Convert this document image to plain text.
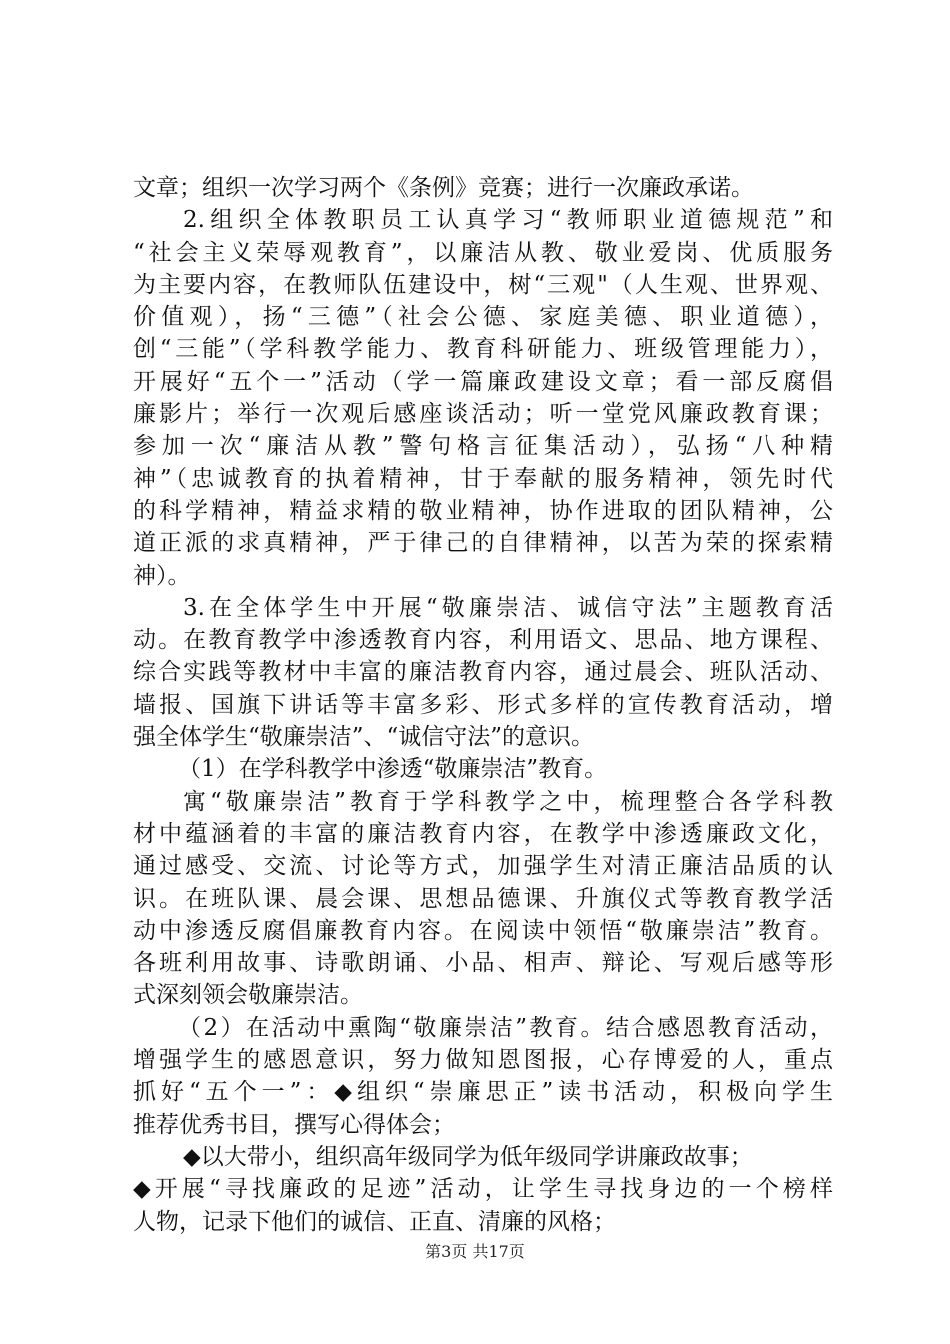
文章；组织一次学习两个《条例》竞赛；进行一次廉政承诺。
2.组织全体教职员工认真学习“教师职业道德规范”和
“社会主义荣辱观教育”，以廉洁从教、敬业爱岗、优质服务
为主要内容，在教师队伍建设中，树“三观"（人生观、世界观、
价值观），扬“三德”（社会公德、家庭美德、职业道德），
创“三能”（学科教学能力、教育科研能力、班级管理能力），
开展好“五个一”活动（学一篇廉政建设文章；看一部反腐倡
廉影片；举行一次观后感座谈活动；听一堂党风廉政教育课；
参加一次“廉洁从教”警句格言征集活动），弘扬“八种精
神”（忠诚教育的执着精神，甘于奉献的服务精神，领先时代
的科学精神，精益求精的敬业精神，协作进取的团队精神，公
道正派的求真精神，严于律己的自律精神，以苦为荣的探索精
神）。
3.在全体学生中开展“敬廉崇洁、诚信守法”主题教育活
动。在教育教学中渗透教育内容，利用语文、思品、地方课程、
综合实践等教材中丰富的廉洁教育内容，通过晨会、班队活动、
墙报、国旗下讲话等丰富多彩、形式多样的宣传教育活动，增
强全体学生“敬廉崇洁”、“诚信守法”的意识。
（1）在学科教学中渗透“敬廉崇洁”教育。
寓“敬廉崇洁”教育于学科教学之中，梳理整合各学科教
材中蕴涵着的丰富的廉洁教育内容，在教学中渗透廉政文化，
通过感受、交流、讨论等方式，加强学生对清正廉洁品质的认
识。在班队课、晨会课、思想品德课、升旗仪式等教育教学活
动中渗透反腐倡廉教育内容。在阅读中领悟“敬廉崇洁”教育。
各班利用故事、诗歌朗诵、小品、相声、辩论、写观后感等形
式深刻领会敬廉崇洁。
（2）在活动中熏陶“敬廉崇洁”教育。结合感恩教育活动，
增强学生的感恩意识，努力做知恩图报，心存博爱的人，重点
抓好“五个一”：◆组织“崇廉思正”读书活动，积极向学生
推荐优秀书目，撰写心得体会；
◆以大带小，组织高年级同学为低年级同学讲廉政故事；
◆开展“寻找廉政的足迹”活动，让学生寻找身边的一个榜样
人物，记录下他们的诚信、正直、清廉的风格；
第3页 共17页
